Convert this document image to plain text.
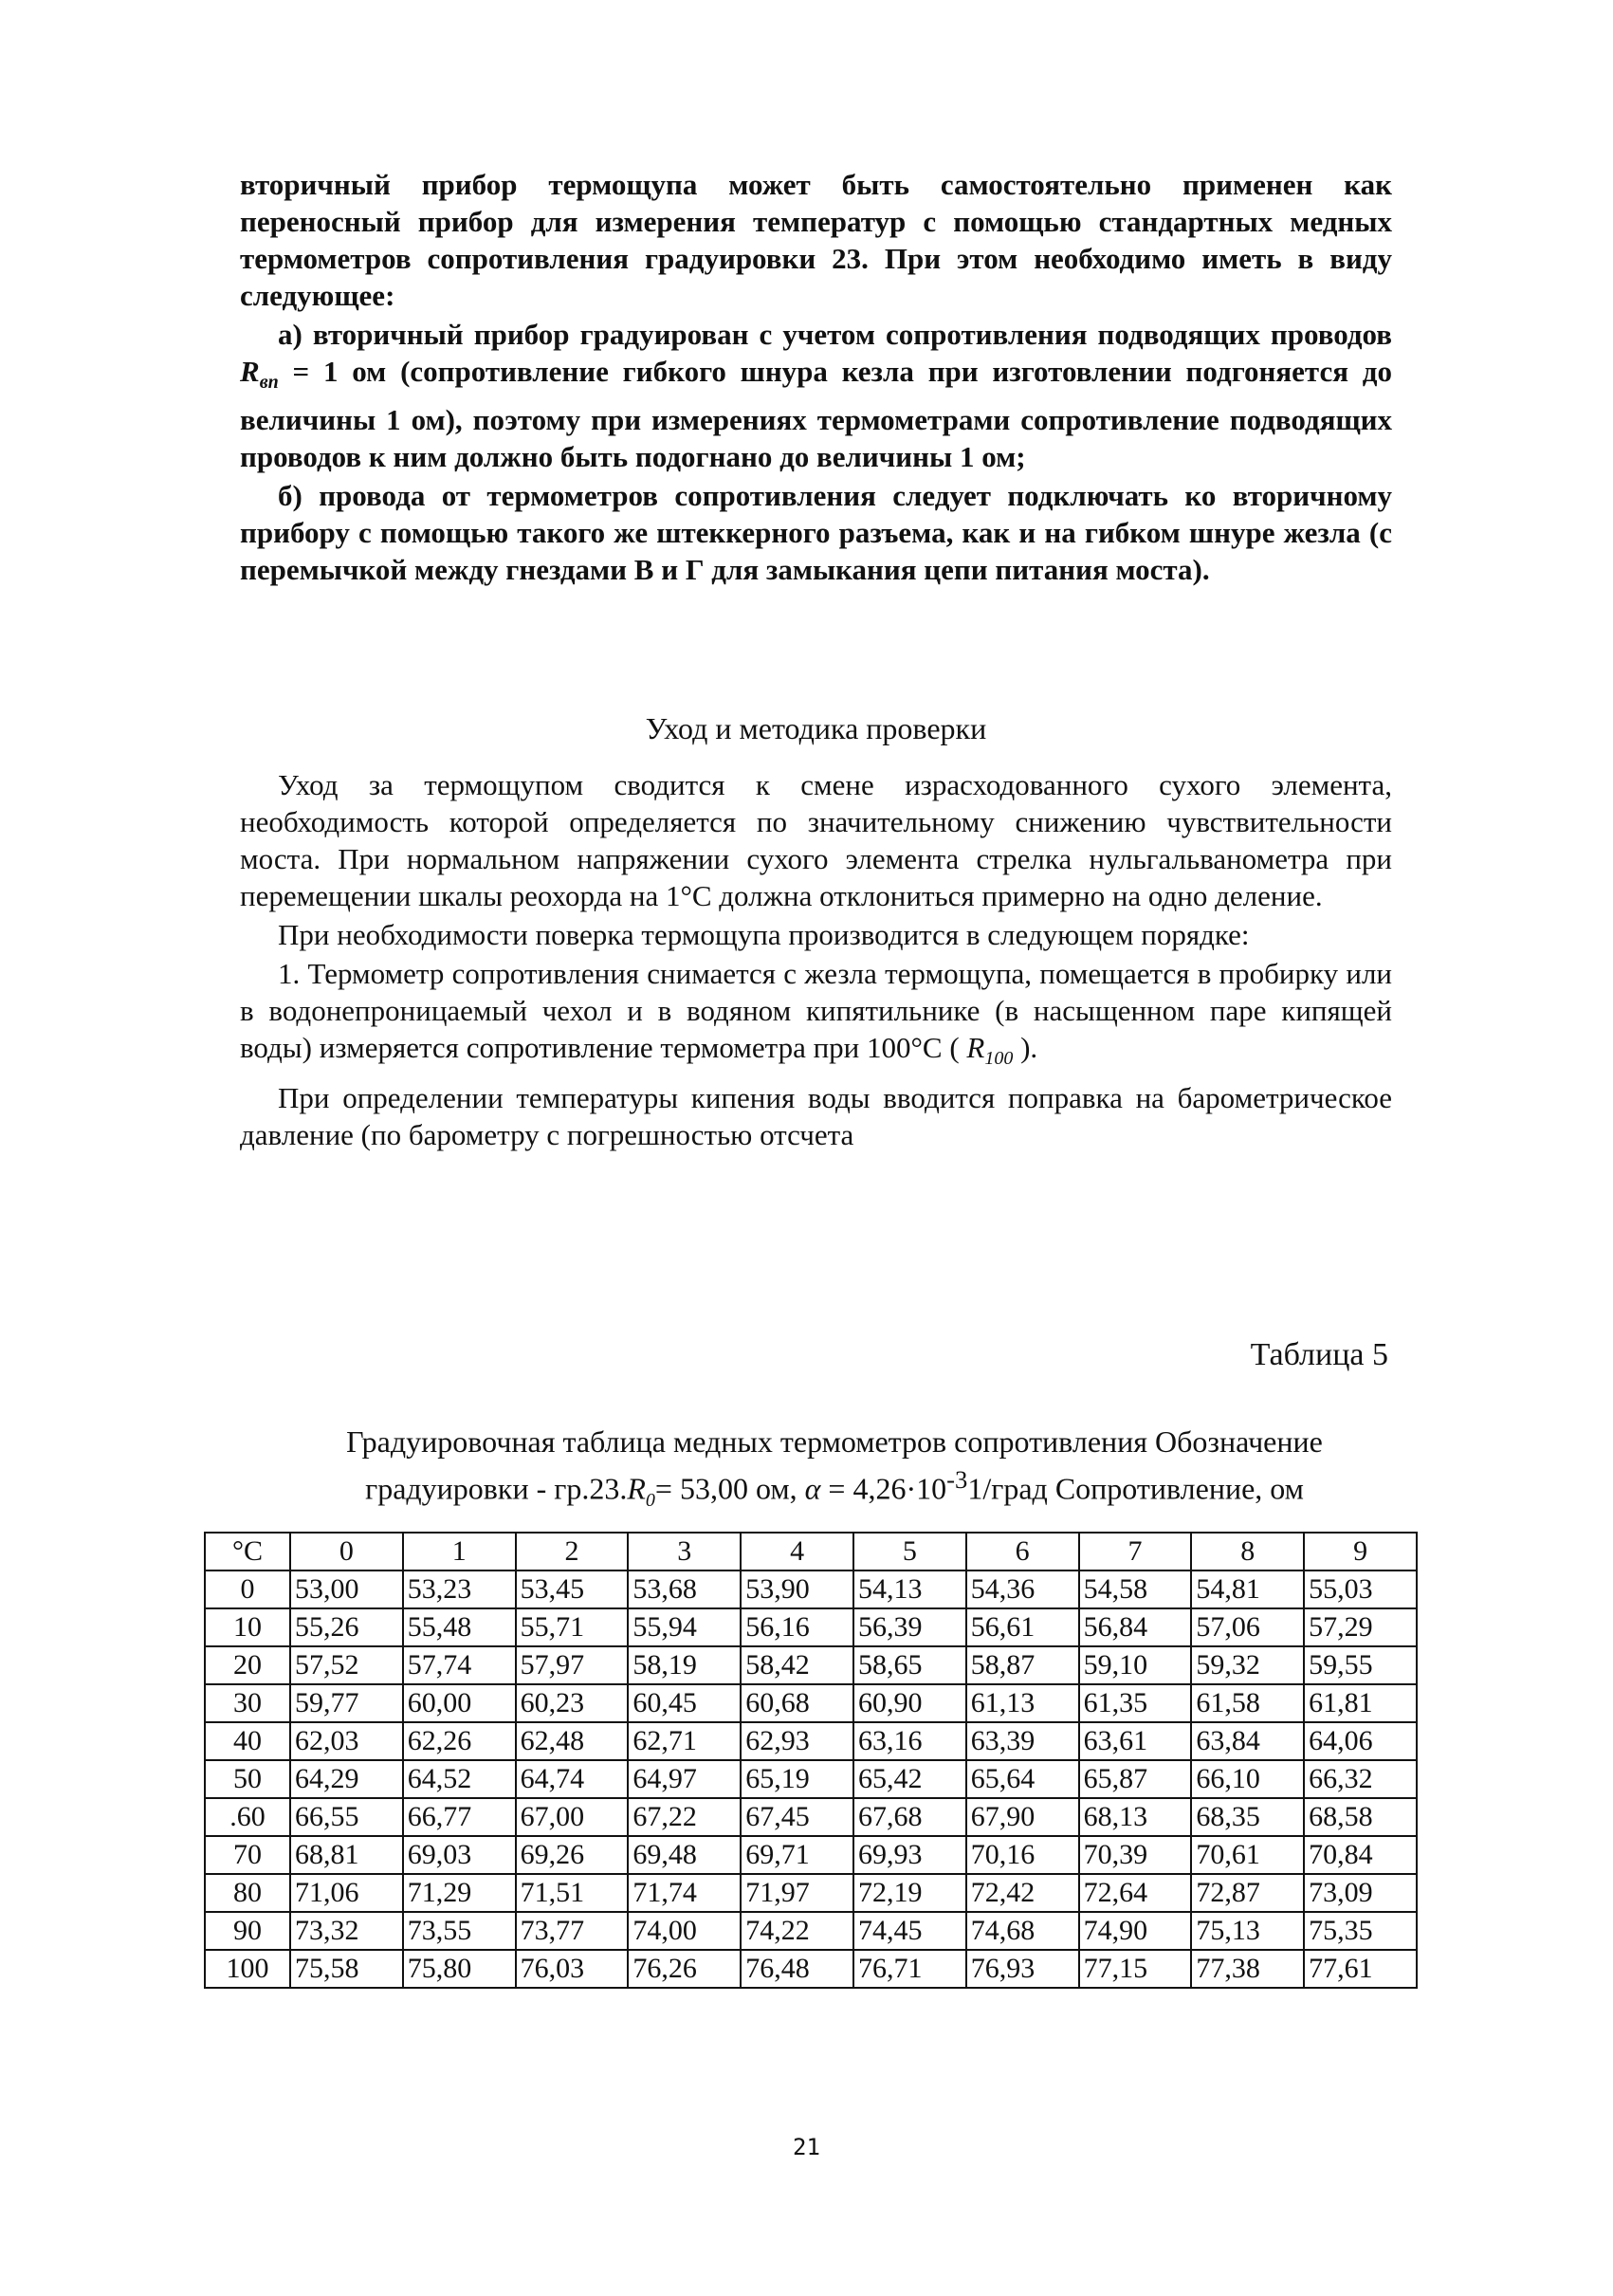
вторичный прибор термощупа может быть самостоятельно применен как переносный прибор для измерения температур с помощью стандартных медных термометров сопротивления градуировки 23. При этом необходимо иметь в виду следующее:

а) вторичный прибор градуирован с учетом сопротивления подводящих проводов $R_{вп} = 1$ ом (сопротивление гибкого шнура кезла при изготовлении подгоняется до величины 1 ом), поэтому при измерениях термометрами сопротивление подводящих проводов к ним должно быть подогнано до величины 1 ом;

б) провода от термометров сопротивления следует подключать ко вторичному прибору с помощью такого же штеккерного разъема, как и на гибком шнуре жезла (с перемычкой между гнездами В и Г для замыкания цепи питания моста).

Уход и методика проверки

Уход за термощупом сводится к смене израсходованного сухого элемента, необходимость которой определяется по значительному снижению чувствительности моста. При нормальном напряжении сухого элемента стрелка нульгальванометра при перемещении шкалы реохорда на 1°С должна отклониться примерно на одно деление.

При необходимости поверка термощупа производится в следующем порядке:

1. Термометр сопротивления снимается с жезла термощупа, помещается в пробирку или в водонепроницаемый чехол и в водяном кипятильнике (в насыщенном паре кипящей воды) измеряется сопротивление термометра при 100°С ( $R_{100}$ ).

При определении температуры кипения воды вводится поправка на барометрическое давление (по барометру с погрешностью отсчета

Таблица 5
Градуировочная таблица медных термометров сопротивления Обозначение
градуировки - $гр.23.R_0= 53,00$ ом, $\alpha = 4,26\cdot 10^{-3}1$/град Сопротивление, ом
°С	0	1	2	3	4	5	6	7	8	9
0	53,00	53,23	53,45	53,68	53,90	54,13	54,36	54,58	54,81	55,03
10	55,26	55,48	55,71	55,94	56,16	56,39	56,61	56,84	57,06	57,29
20	57,52	57,74	57,97	58,19	58,42	58,65	58,87	59,10	59,32	59,55
30	59,77	60,00	60,23	60,45	60,68	60,90	61,13	61,35	61,58	61,81
40	62,03	62,26	62,48	62,71	62,93	63,16	63,39	63,61	63,84	64,06
50	64,29	64,52	64,74	64,97	65,19	65,42	65,64	65,87	66,10	66,32
.60	66,55	66,77	67,00	67,22	67,45	67,68	67,90	68,13	68,35	68,58
70	68,81	69,03	69,26	69,48	69,71	69,93	70,16	70,39	70,61	70,84
80	71,06	71,29	71,51	71,74	71,97	72,19	72,42	72,64	72,87	73,09
90	73,32	73,55	73,77	74,00	74,22	74,45	74,68	74,90	75,13	75,35
100	75,58	75,80	76,03	76,26	76,48	76,71	76,93	77,15	77,38	77,61
21
